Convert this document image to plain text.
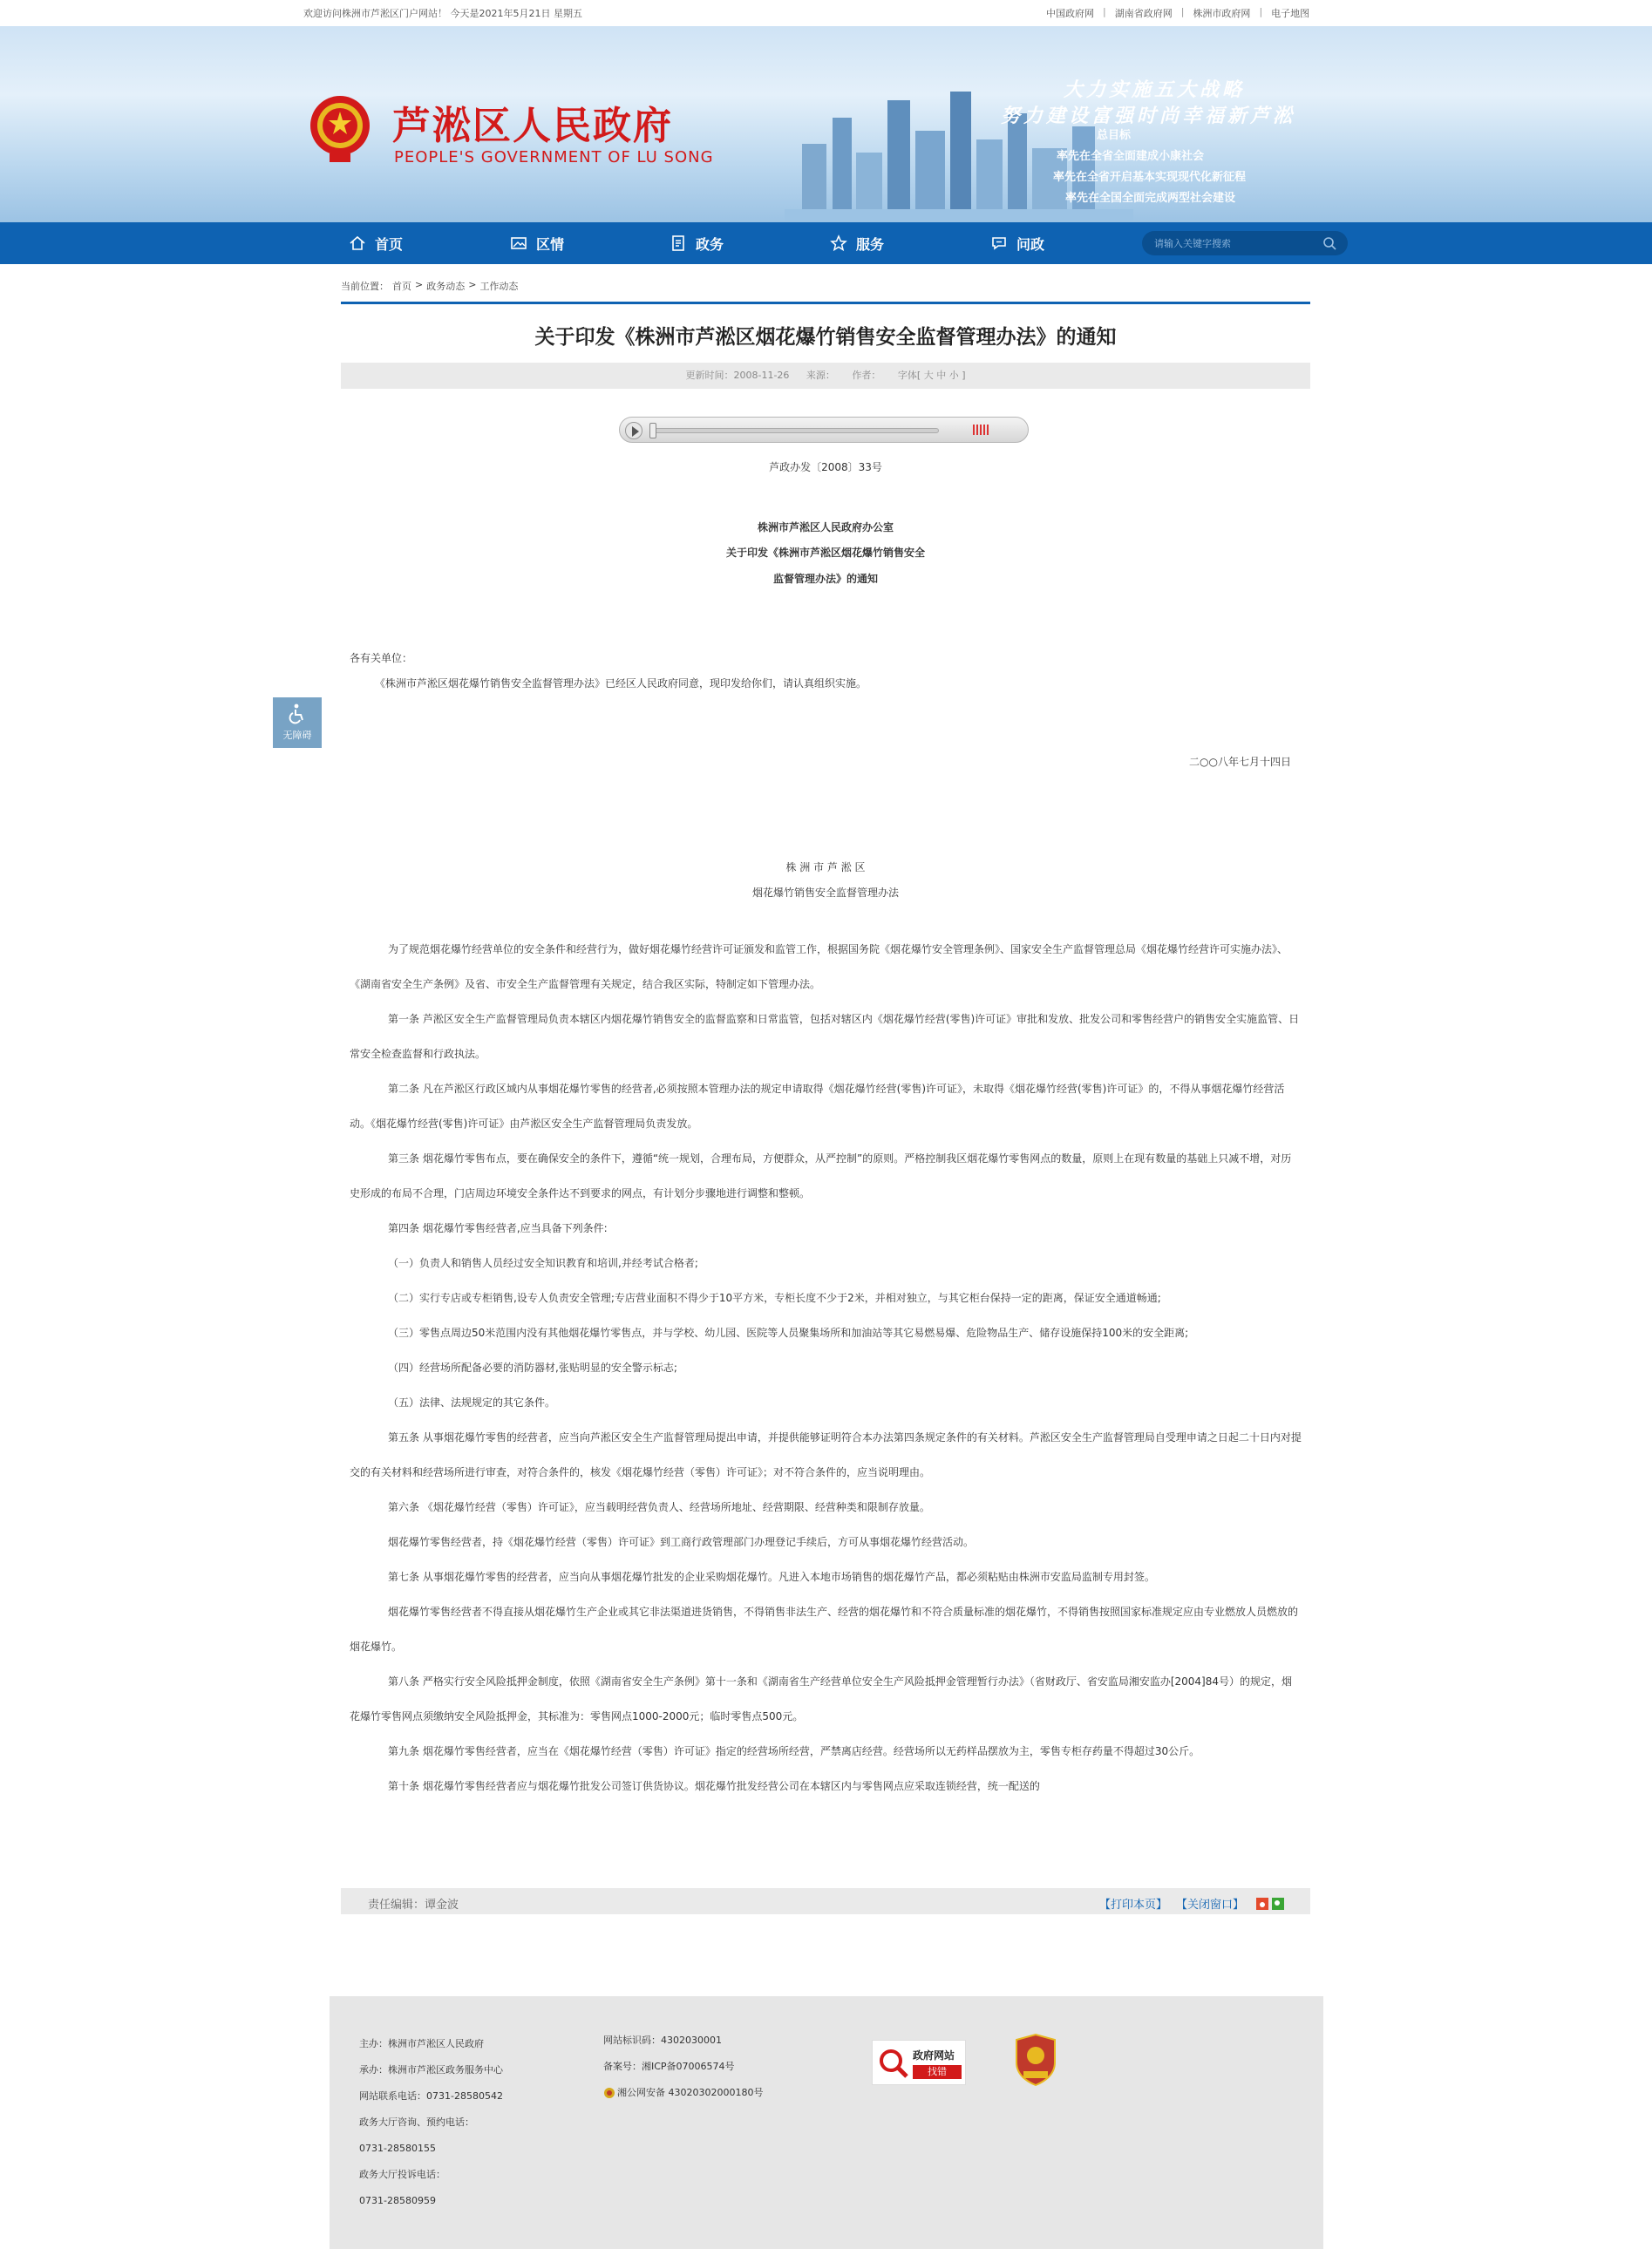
欢迎访问株洲市芦淞区门户网站！ 今天是2021年5月21日 星期五	中国政府网 | 湖南省政府网 | 株洲市政府网 | 电子地图
芦淞区人民政府
PEOPLE'S GOVERNMENT OF LU SONG
大力实施五大战略
努力建设富强时尚幸福新芦淞
总目标
率先在全省全面建成小康社会
率先在全省开启基本实现现代化新征程
率先在全国全面完成两型社会建设
首页	区情	政务	服务	问政
请输入关键字搜索
当前位置： 首页 > 政务动态 > 工作动态
关于印发《株洲市芦淞区烟花爆竹销售安全监督管理办法》的通知
更新时间：2008-11-26 来源： 作者： 字体[ 大 中 小 ]
芦政办发〔2008〕33号
株洲市芦淞区人民政府办公室
关于印发《株洲市芦淞区烟花爆竹销售安全
监督管理办法》的通知
各有关单位：
《株洲市芦淞区烟花爆竹销售安全监督管理办法》已经区人民政府同意，现印发给你们，请认真组织实施。
二○○八年七月十四日
株 洲 市 芦 淞 区
烟花爆竹销售安全监督管理办法

为了规范烟花爆竹经营单位的安全条件和经营行为，做好烟花爆竹经营许可证颁发和监管工作，根据国务院《烟花爆竹安全管理条例》、国家安全生产监督管理总局《烟花爆竹经营许可实施办法》、《湖南省安全生产条例》及省、市安全生产监督管理有关规定，结合我区实际，特制定如下管理办法。

第一条 芦淞区安全生产监督管理局负责本辖区内烟花爆竹销售安全的监督监察和日常监管，包括对辖区内《烟花爆竹经营(零售)许可证》审批和发放、批发公司和零售经营户的销售安全实施监管、日常安全检查监督和行政执法。

第二条 凡在芦淞区行政区域内从事烟花爆竹零售的经营者,必须按照本管理办法的规定申请取得《烟花爆竹经营(零售)许可证》，未取得《烟花爆竹经营(零售)许可证》的，不得从事烟花爆竹经营活动。《烟花爆竹经营(零售)许可证》由芦淞区安全生产监督管理局负责发放。

第三条 烟花爆竹零售布点，要在确保安全的条件下，遵循“统一规划，合理布局，方便群众，从严控制”的原则。严格控制我区烟花爆竹零售网点的数量，原则上在现有数量的基础上只减不增，对历史形成的布局不合理，门店周边环境安全条件达不到要求的网点，有计划分步骤地进行调整和整顿。

第四条 烟花爆竹零售经营者,应当具备下列条件:

（一）负责人和销售人员经过安全知识教育和培训,并经考试合格者;

（二）实行专店或专柜销售,设专人负责安全管理;专店营业面积不得少于10平方米，专柜长度不少于2米，并相对独立，与其它柜台保持一定的距离，保证安全通道畅通;

（三）零售点周边50米范围内没有其他烟花爆竹零售点，并与学校、幼儿园、医院等人员聚集场所和加油站等其它易燃易爆、危险物品生产、储存设施保持100米的安全距离;

（四）经营场所配备必要的消防器材,张贴明显的安全警示标志;

（五）法律、法规规定的其它条件。

第五条 从事烟花爆竹零售的经营者，应当向芦淞区安全生产监督管理局提出申请，并提供能够证明符合本办法第四条规定条件的有关材料。芦淞区安全生产监督管理局自受理申请之日起二十日内对提交的有关材料和经营场所进行审查，对符合条件的，核发《烟花爆竹经营（零售）许可证》；对不符合条件的，应当说明理由。

第六条 《烟花爆竹经营（零售）许可证》，应当载明经营负责人、经营场所地址、经营期限、经营种类和限制存放量。

烟花爆竹零售经营者，持《烟花爆竹经营（零售）许可证》到工商行政管理部门办理登记手续后，方可从事烟花爆竹经营活动。

第七条 从事烟花爆竹零售的经营者，应当向从事烟花爆竹批发的企业采购烟花爆竹。凡进入本地市场销售的烟花爆竹产品，都必须粘贴由株洲市安监局监制专用封签。

烟花爆竹零售经营者不得直接从烟花爆竹生产企业或其它非法渠道进货销售，不得销售非法生产、经营的烟花爆竹和不符合质量标准的烟花爆竹，不得销售按照国家标准规定应由专业燃放人员燃放的烟花爆竹。

第八条 严格实行安全风险抵押金制度，依照《湖南省安全生产条例》第十一条和《湖南省生产经营单位安全生产风险抵押金管理暂行办法》（省财政厅、省安监局湘安监办[2004]84号）的规定，烟花爆竹零售网点须缴纳安全风险抵押金，其标准为：零售网点1000-2000元；临时零售点500元。

第九条 烟花爆竹零售经营者，应当在《烟花爆竹经营（零售）许可证》指定的经营场所经营，严禁离店经营。经营场所以无药样品摆放为主，零售专柜存药量不得超过30公斤。

第十条 烟花爆竹零售经营者应与烟花爆竹批发公司签订供货协议。烟花爆竹批发经营公司在本辖区内与零售网点应采取连锁经营，统一配送的

无障碍
责任编辑：谭金波	【打印本页】 【关闭窗口】
主办：株洲市芦淞区人民政府
承办：株洲市芦淞区政务服务中心
网站联系电话：0731-28580542
政务大厅咨询、预约电话：
0731-28580155
政务大厅投诉电话：
0731-28580959
网站标识码：4302030001
备案号：湘ICP备07006574号
湘公网安备 43020302000180号
政府网站
找错
